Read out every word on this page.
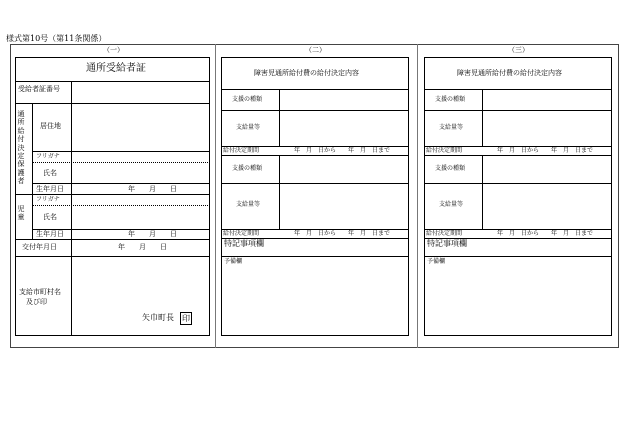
様式第10号（第11条関係）
（一）	（二）	（三）
通所受給者証
受給者証番号
通所給付決定保護者
居住地
フリガナ
氏名
生年月日	年　　月　　日
児童
フリガナ
氏名
生年月日	年　　月　　日
交付年月日	年　　月　　日
支給市町村名
及び印
矢巾町長 印
障害児通所給付費の給付決定内容
支援の種類
支給量等
給付決定期間	年　月　日から　　年　月　日まで
支援の種類
支給量等
給付決定期間	年　月　日から　　年　月　日まで
特記事項欄
予備欄
障害児通所給付費の給付決定内容
支援の種類
支給量等
給付決定期間	年　月　日から　　年　月　日まで
支援の種類
支給量等
給付決定期間	年　月　日から　　年　月　日まで
特記事項欄
予備欄
